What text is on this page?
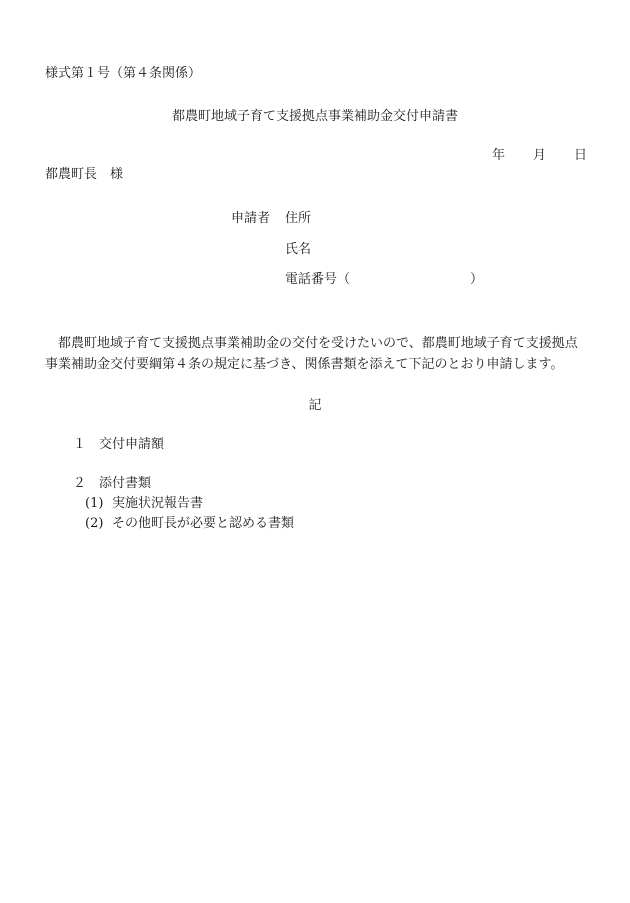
様式第１号（第４条関係）
都農町地域子育て支援拠点事業補助金交付申請書
年 月 日
都農町長　様
申請者 住所
氏名
電話番号（	）
都農町地域子育て支援拠点事業補助金の交付を受けたいので、都農町地域子育て支援拠点
事業補助金交付要綱第４条の規定に基づき、関係書類を添えて下記のとおり申請します。
記
１ 交付申請額
２ 添付書類
(1) 実施状況報告書
(2) その他町長が必要と認める書類
